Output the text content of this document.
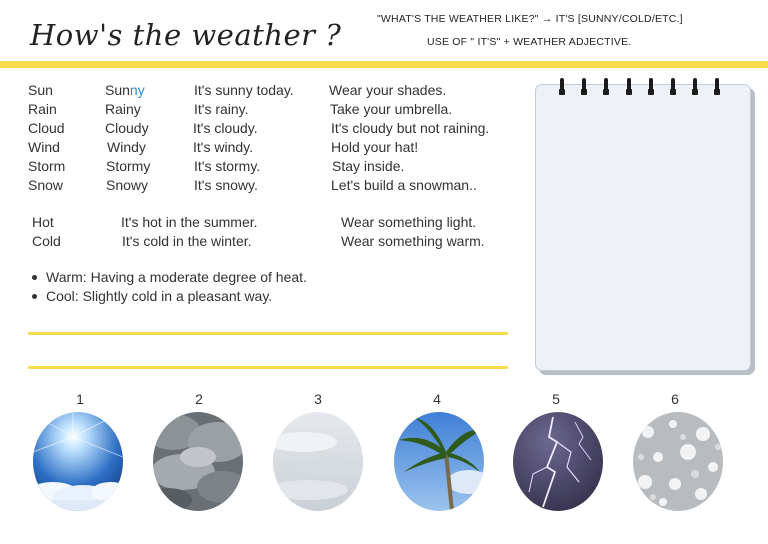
How's the weather ?	"WHAT'S THE WEATHER LIKE?" → IT'S [SUNNY/COLD/ETC.]
USE OF " IT'S" + WEATHER ADJECTIVE.
Sun	Sunny	It's sunny today.	Wear your shades.
Rain	Rainy	It's rainy.	Take your umbrella.
Cloud	Cloudy	It's cloudy.	It's cloudy but not raining.
Wind	Windy	It's windy.	Hold your hat!
Storm	Stormy	It's stormy.	Stay inside.
Snow	Snowy	It's snowy.	Let's build a snowman..
Hot	It's hot in the summer.	Wear something light.
Cold	It's cold in the winter.	Wear something warm.
Warm: Having a moderate degree of heat.
Cool: Slightly cold in a pleasant way.
1	2	3	4	5	6
